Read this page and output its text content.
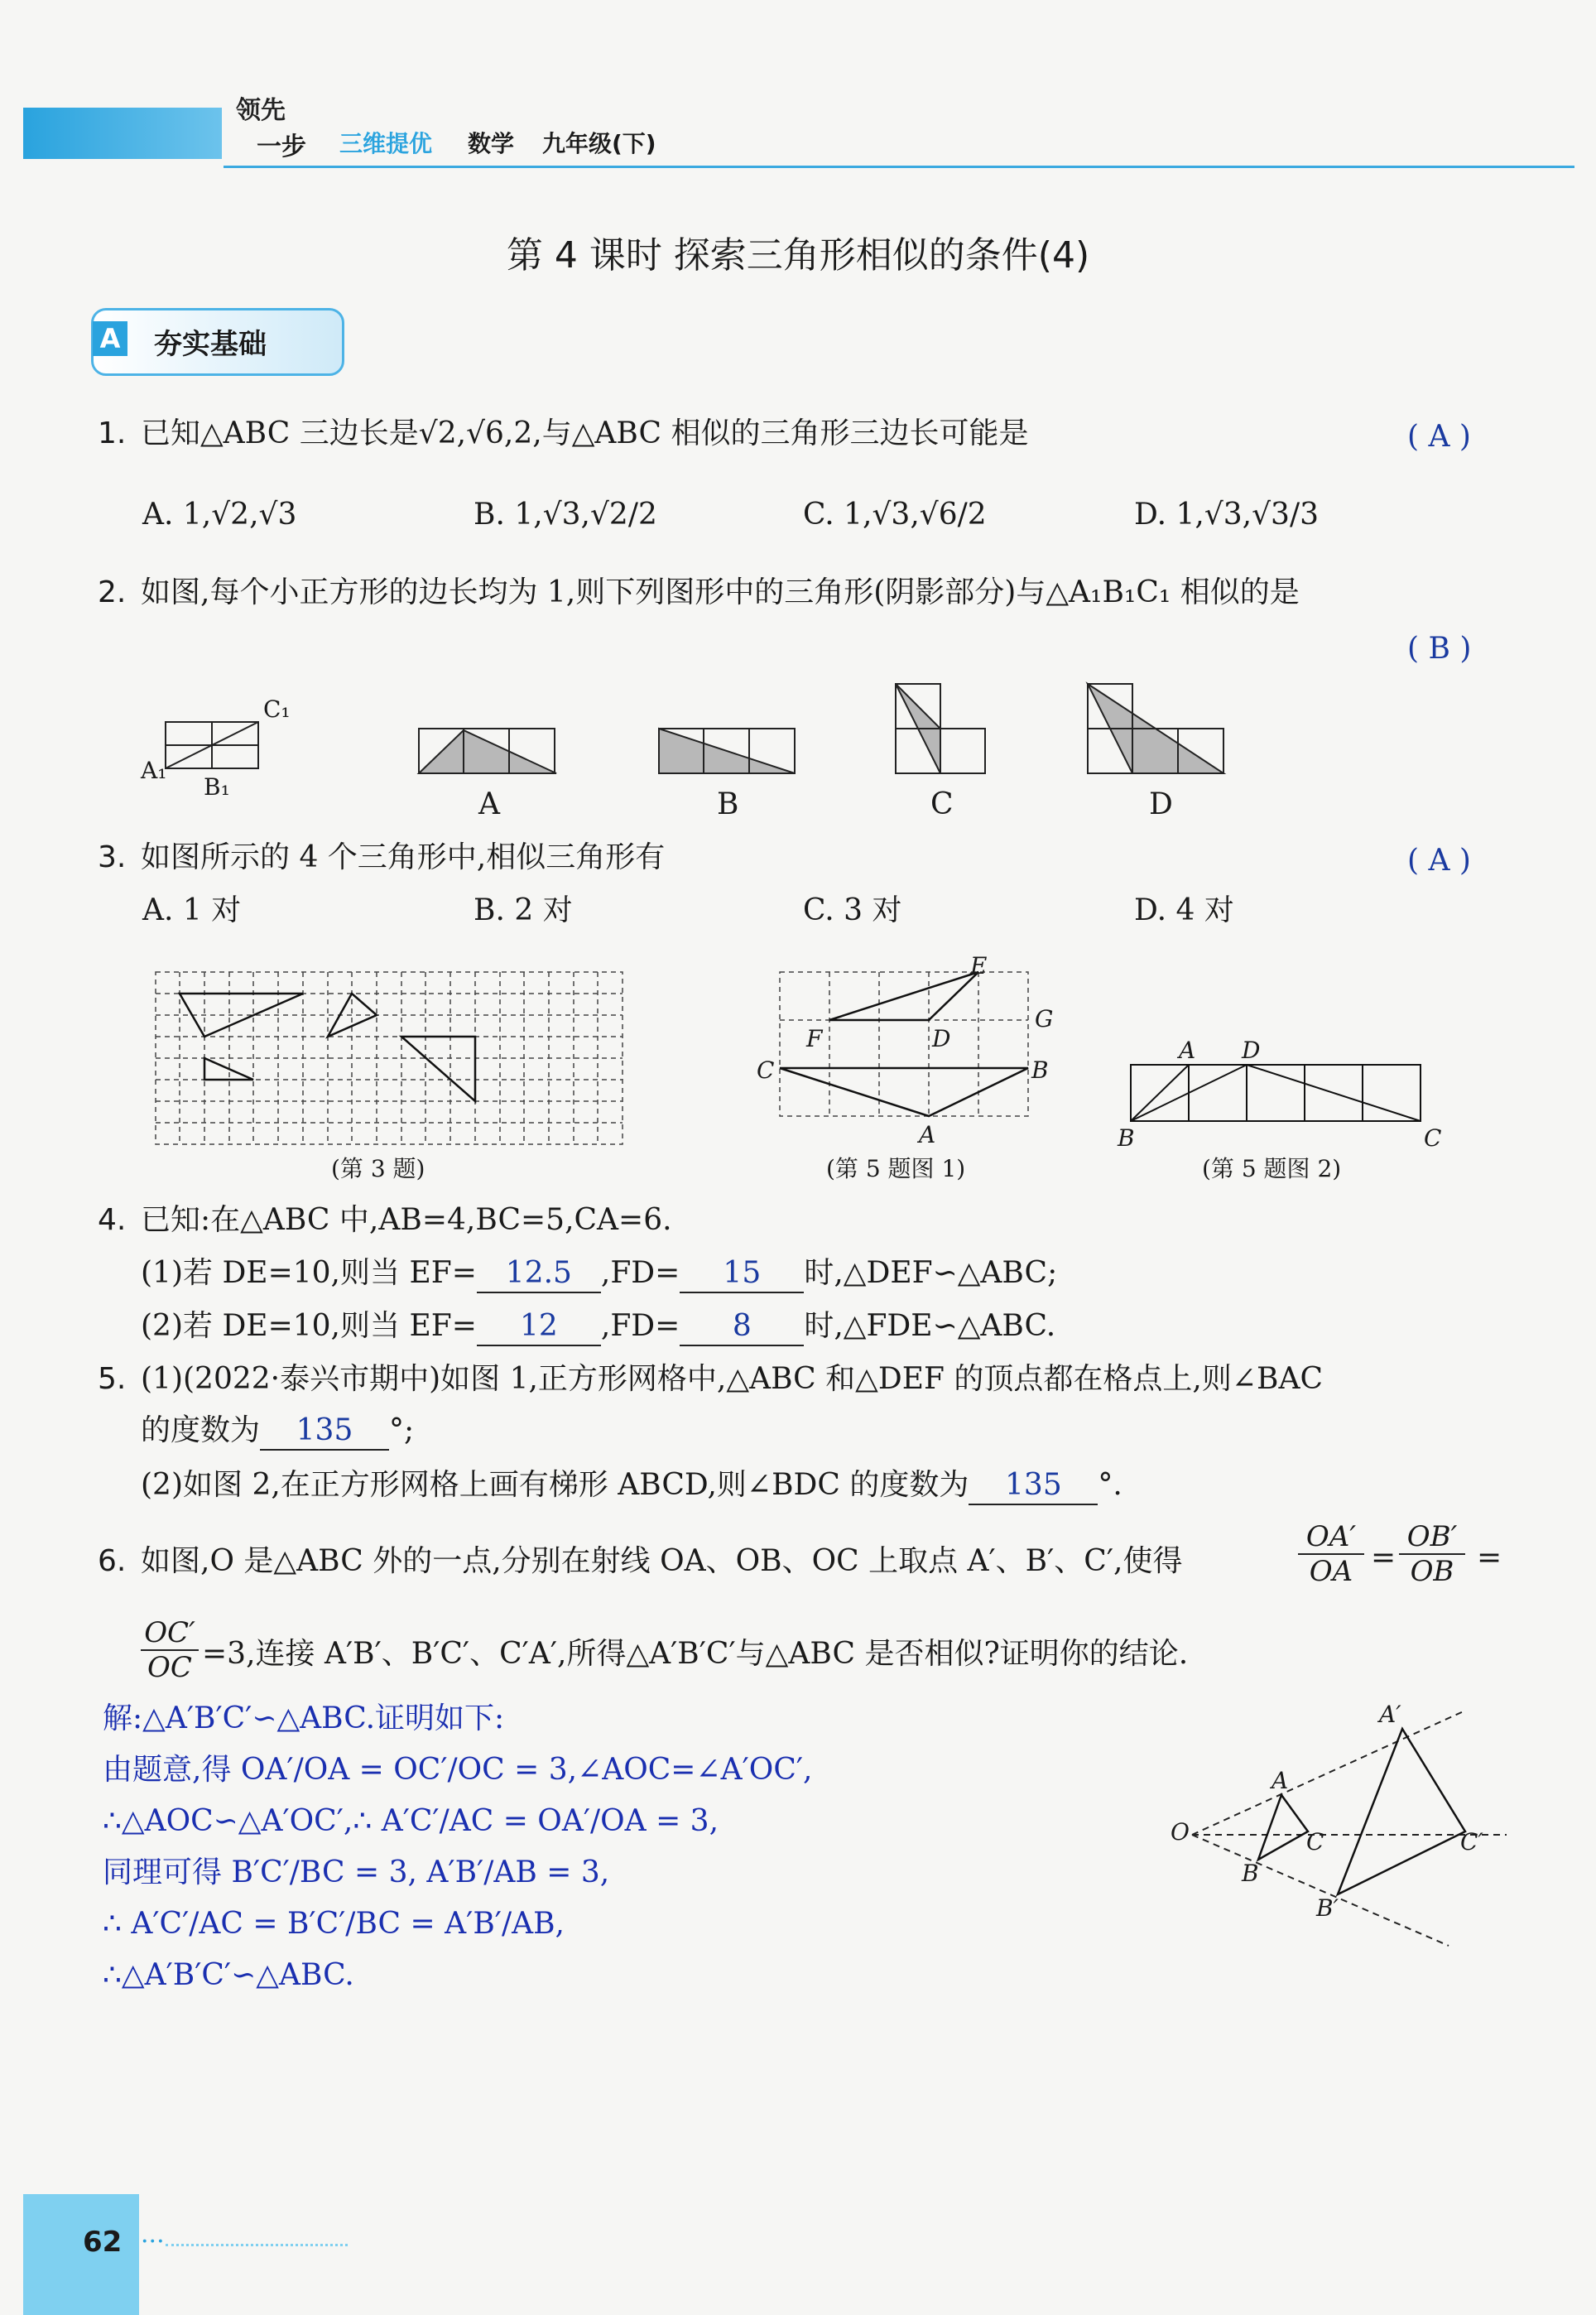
领先
一步 三维提优 数学 九年级(下)
第 4 课时 探索三角形相似的条件(4)
A 夯实基础
1. 已知△ABC 三边长是√2,√6,2,与△ABC 相似的三角形三边长可能是	( A )
A. 1,√2,√3	B. 1,√3,√2/2	C. 1,√3,√6/2	D. 1,√3,√3/3
2. 如图,每个小正方形的边长均为 1,则下列图形中的三角形(阴影部分)与△A₁B₁C₁ 相似的是
( B )
A₁
B₁
C₁
A	B	C	D
3. 如图所示的 4 个三角形中,相似三角形有	( A )
A. 1 对	B. 2 对	C. 3 对	D. 4 对
(第 3 题)
E
G
F	D
C	B
A
(第 5 题图 1)
A D
B	C
(第 5 题图 2)
4. 已知:在△ABC 中,AB=4,BC=5,CA=6.
(1)若 DE=10,则当 EF= 12.5 ,FD= 15 时,△DEF∽△ABC;
(2)若 DE=10,则当 EF= 12 ,FD= 8 时,△FDE∽△ABC.
5. (1)(2022·泰兴市期中)如图 1,正方形网格中,△ABC 和△DEF 的顶点都在格点上,则∠BAC
的度数为 135 °;
(2)如图 2,在正方形网格上画有梯形 ABCD,则∠BDC 的度数为 135 °.
6. 如图,O 是△ABC 外的一点,分别在射线 OA、OB、OC 上取点 A′、B′、C′,使得
OA′
OA =
OB′
OB =
OC′
OC =3,连接 A′B′、B′C′、C′A′,所得△A′B′C′与△ABC 是否相似?证明你的结论.
解:△A′B′C′∽△ABC.证明如下:
由题意,得 OA′/OA = OC′/OC = 3,∠AOC=∠A′OC′,
∴△AOC∽△A′OC′,∴ A′C′/AC = OA′/OA = 3,
同理可得 B′C′/BC = 3, A′B′/AB = 3,
∴ A′C′/AC = B′C′/BC = A′B′/AB,
∴△A′B′C′∽△ABC.
O
A
B
C
A′
B′
C′
62 ···
